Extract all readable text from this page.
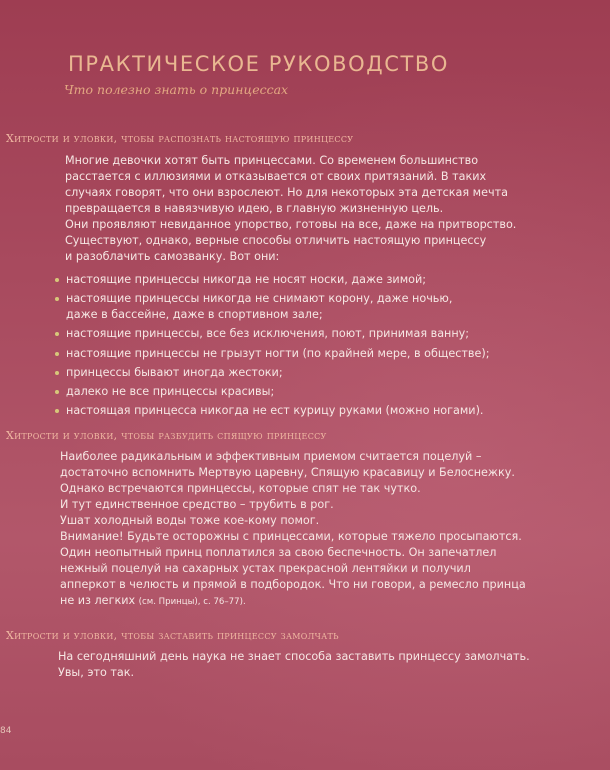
ПРАКТИЧЕСКОЕ РУКОВОДСТВО
Что полезно знать о принцессах
Хитрости и уловки, чтобы распознать настоящую принцессу
Многие девочки хотят быть принцессами. Со временем большинство
расстается с иллюзиями и отказывается от своих притязаний. В таких
случаях говорят, что они взрослеют. Но для некоторых эта детская мечта
превращается в навязчивую идею, в главную жизненную цель.
Они проявляют невиданное упорство, готовы на все, даже на притворство.
Существуют, однако, верные способы отличить настоящую принцессу
и разоблачить самозванку. Вот они:
настоящие принцессы никогда не носят носки, даже зимой;
настоящие принцессы никогда не снимают корону, даже ночью,
даже в бассейне, даже в спортивном зале;
настоящие принцессы, все без исключения, поют, принимая ванну;
настоящие принцессы не грызут ногти (по крайней мере, в обществе);
принцессы бывают иногда жестоки;
далеко не все принцессы красивы;
настоящая принцесса никогда не ест курицу руками (можно ногами).
Хитрости и уловки, чтобы разбудить спящую принцессу
Наиболее радикальным и эффективным приемом считается поцелуй –
достаточно вспомнить Мертвую царевну, Спящую красавицу и Белоснежку.
Однако встречаются принцессы, которые спят не так чутко.
И тут единственное средство – трубить в рог.
Ушат холодный воды тоже кое-кому помог.
Внимание! Будьте осторожны с принцессами, которые тяжело просыпаются.
Один неопытный принц поплатился за свою беспечность. Он запечатлел
нежный поцелуй на сахарных устах прекрасной лентяйки и получил
апперкот в челюсть и прямой в подбородок. Что ни говори, а ремесло принца
не из легких (см. Принцы), с. 76–77).
Хитрости и уловки, чтобы заставить принцессу замолчать
На сегодняшний день наука не знает способа заставить принцессу замолчать.
Увы, это так.
84
